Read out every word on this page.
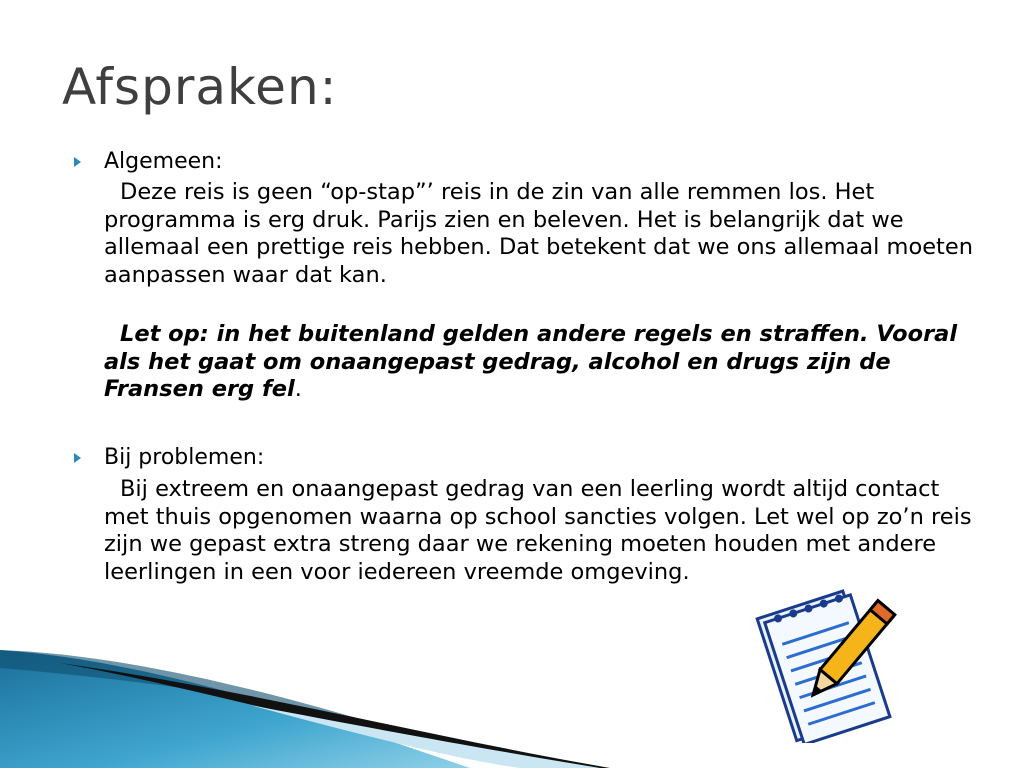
Afspraken:
Algemeen:
Deze reis is geen “op-stap”’ reis in de zin van alle remmen los. Het programma is erg druk. Parijs zien en beleven. Het is belangrijk dat we allemaal een prettige reis hebben. Dat betekent dat we ons allemaal moeten aanpassen waar dat kan.
Let op: in het buitenland gelden andere regels en straffen. Vooral als het gaat om onaangepast gedrag, alcohol en drugs zijn de Fransen erg fel.
Bij problemen:
Bij extreem en onaangepast gedrag van een leerling wordt altijd contact met thuis opgenomen waarna op school sancties volgen. Let wel op zo’n reis zijn we gepast extra streng daar we rekening moeten houden met andere leerlingen in een voor iedereen vreemde omgeving.
